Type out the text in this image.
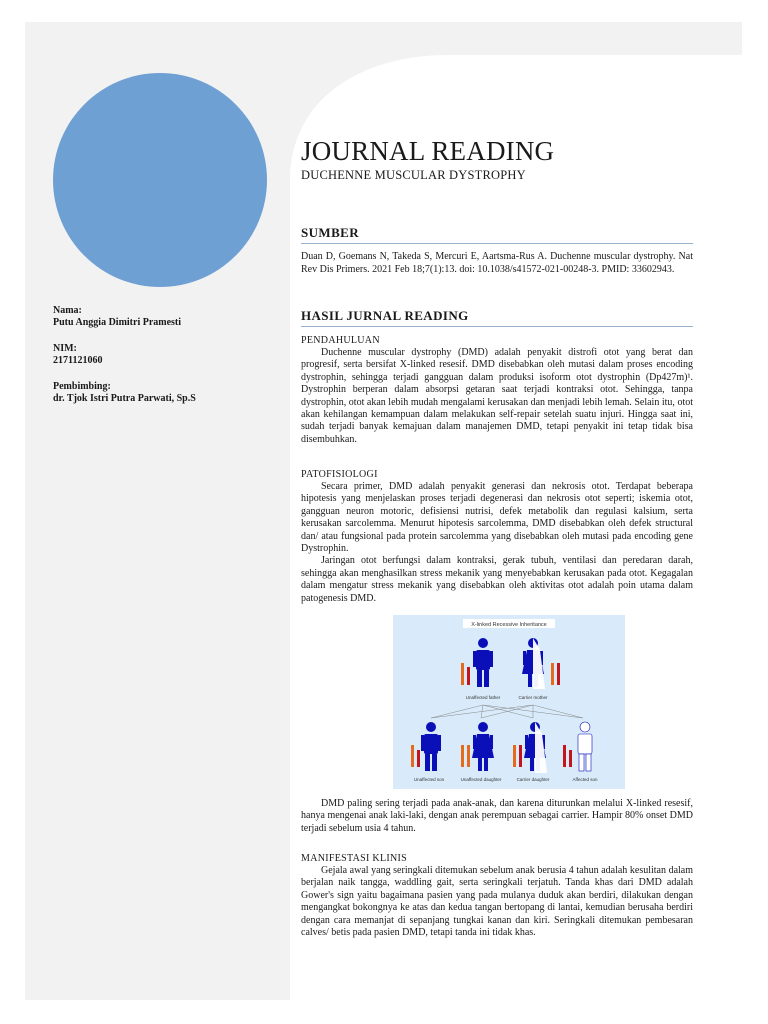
Nama:
Putu Anggia Dimitri Pramesti
NIM:
2171121060
Pembimbing:
dr. Tjok Istri Putra Parwati, Sp.S
JOURNAL READING
DUCHENNE MUSCULAR DYSTROPHY
SUMBER
Duan D, Goemans N, Takeda S, Mercuri E, Aartsma-Rus A. Duchenne muscular dystrophy. Nat Rev Dis Primers. 2021 Feb 18;7(1):13. doi: 10.1038/s41572-021-00248-3. PMID: 33602943.
HASIL JURNAL READING
PENDAHULUAN

Duchenne muscular dystrophy (DMD) adalah penyakit distrofi otot yang berat dan progresif, serta bersifat X-linked resesif. DMD disebabkan oleh mutasi dalam proses encoding dystrophin, sehingga terjadi gangguan dalam produksi isoform otot dystrophin (Dp427m)¹. Dystrophin berperan dalam absorpsi getaran saat terjadi kontraksi otot. Sehingga, tanpa dystrophin, otot akan lebih mudah mengalami kerusakan dan menjadi lebih lemah. Selain itu, otot akan kehilangan kemampuan dalam melakukan self-repair setelah suatu injuri. Hingga saat ini, sudah terjadi banyak kemajuan dalam manajemen DMD, tetapi penyakit ini tetap tidak bisa disembuhkan.

PATOFISIOLOGI

Secara primer, DMD adalah penyakit generasi dan nekrosis otot. Terdapat beberapa hipotesis yang menjelaskan proses terjadi degenerasi dan nekrosis otot seperti; iskemia otot, gangguan neuron motoric, defisiensi nutrisi, defek metabolik dan regulasi kalsium, serta kerusakan sarcolemma. Menurut hipotesis sarcolemma, DMD disebabkan oleh defek structural dan/ atau fungsional pada protein sarcolemma yang disebabkan oleh mutasi pada encoding gene Dystrophin.

Jaringan otot berfungsi dalam kontraksi, gerak tubuh, ventilasi dan peredaran darah, sehingga akan menghasilkan stress mekanik yang menyebabkan kerusakan pada otot. Kegagalan dalam mengatur stress mekanik yang disebabkan oleh aktivitas otot adalah poin utama dalam patogenesis DMD.

X-linked Recessive Inheritance
Unaffected father	Carrier mother
Unaffected son	Unaffected daughter	Carrier daughter	Affected son

DMD paling sering terjadi pada anak-anak, dan karena diturunkan melalui X-linked resesif, hanya mengenai anak laki-laki, dengan anak perempuan sebagai carrier. Hampir 80% onset DMD terjadi sebelum usia 4 tahun.

MANIFESTASI KLINIS

Gejala awal yang seringkali ditemukan sebelum anak berusia 4 tahun adalah kesulitan dalam berjalan naik tangga, waddling gait, serta seringkali terjatuh. Tanda khas dari DMD adalah Gower's sign yaitu bagaimana pasien yang pada mulanya duduk akan berdiri, dilakukan dengan mengangkat bokongnya ke atas dan kedua tangan bertopang di lantai, kemudian berusaha berdiri dengan cara memanjat di sepanjang tungkai kanan dan kiri. Seringkali ditemukan pembesaran calves/ betis pada pasien DMD, tetapi tanda ini tidak khas.
